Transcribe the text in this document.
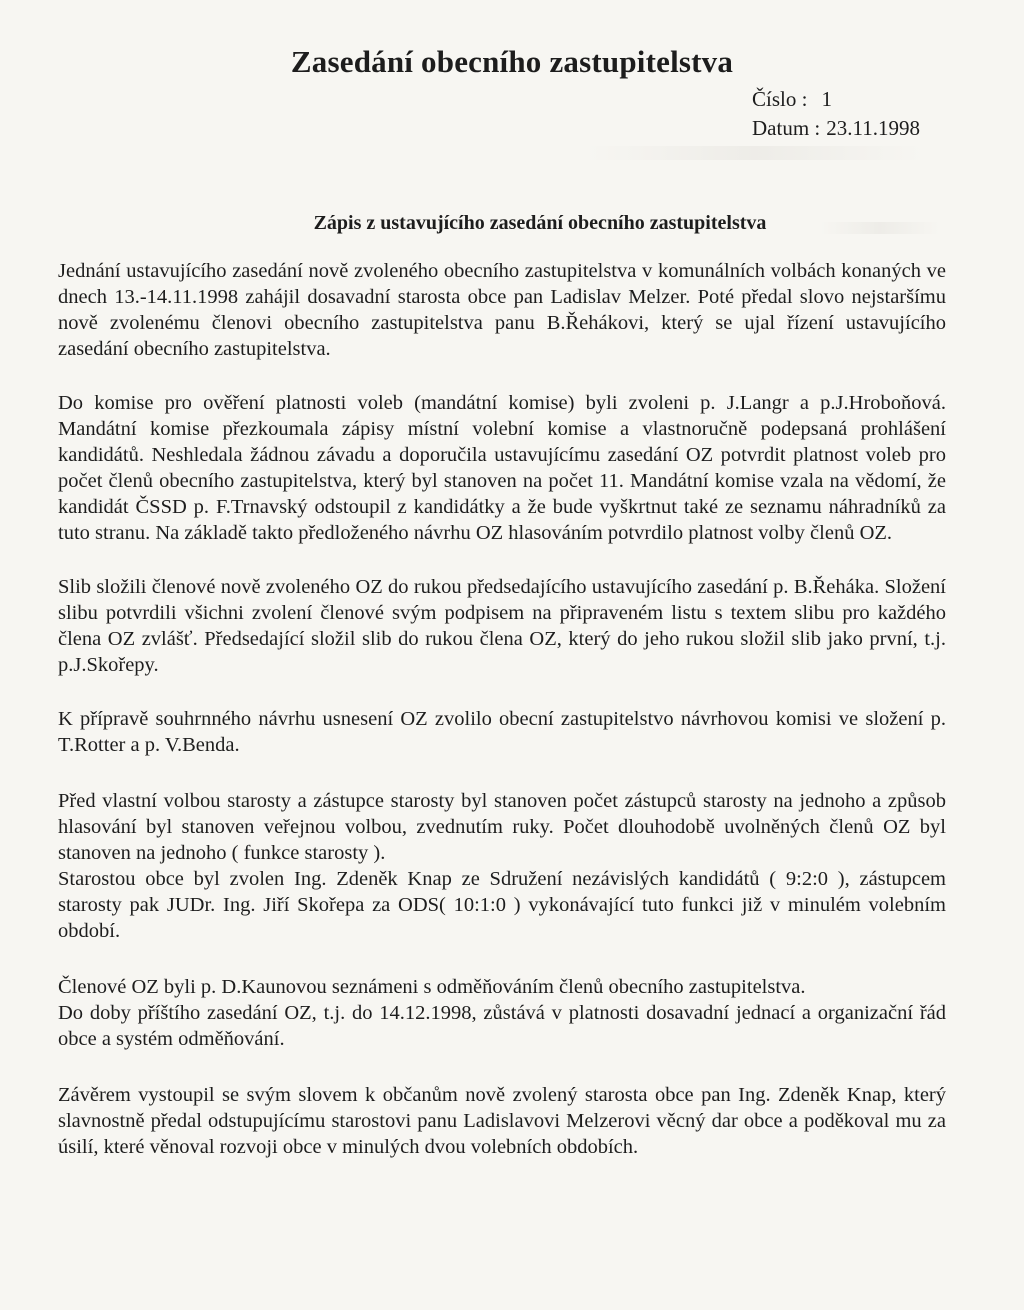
Zasedání obecního zastupitelstva
Číslo : 1
Datum : 23.11.1998
Zápis z ustavujícího zasedání obecního zastupitelstva

Jednání ustavujícího zasedání nově zvoleného obecního zastupitelstva v komunálních volbách konaných ve dnech 13.-14.11.1998 zahájil dosavadní starosta obce pan Ladislav Melzer. Poté předal slovo nejstaršímu nově zvolenému členovi obecního zastupitelstva panu B.Řehákovi, který se ujal řízení ustavujícího zasedání obecního zastupitelstva.

Do komise pro ověření platnosti voleb (mandátní komise) byli zvoleni p. J.Langr a p.J.Hroboňová. Mandátní komise přezkoumala zápisy místní volební komise a vlastnoručně podepsaná prohlášení kandidátů. Neshledala žádnou závadu a doporučila ustavujícímu zasedání OZ potvrdit platnost voleb pro počet členů obecního zastupitelstva, který byl stanoven na počet 11. Mandátní komise vzala na vědomí, že kandidát ČSSD p. F.Trnavský odstoupil z kandidátky a že bude vyškrtnut také ze seznamu náhradníků za tuto stranu. Na základě takto předloženého návrhu OZ hlasováním potvrdilo platnost volby členů OZ.

Slib složili členové nově zvoleného OZ do rukou předsedajícího ustavujícího zasedání p. B.Řeháka. Složení slibu potvrdili všichni zvolení členové svým podpisem na připraveném listu s textem slibu pro každého člena OZ zvlášť. Předsedající složil slib do rukou člena OZ, který do jeho rukou složil slib jako první, t.j. p.J.Skořepy.

K přípravě souhrnného návrhu usnesení OZ zvolilo obecní zastupitelstvo návrhovou komisi ve složení p. T.Rotter a p. V.Benda.

Před vlastní volbou starosty a zástupce starosty byl stanoven počet zástupců starosty na jednoho a způsob hlasování byl stanoven veřejnou volbou, zvednutím ruky. Počet dlouhodobě uvolněných členů OZ byl stanoven na jednoho ( funkce starosty ).

Starostou obce byl zvolen Ing. Zdeněk Knap ze Sdružení nezávislých kandidátů ( 9:2:0 ), zástupcem starosty pak JUDr. Ing. Jiří Skořepa za ODS( 10:1:0 ) vykonávající tuto funkci již v minulém volebním období.

Členové OZ byli p. D.Kaunovou seznámeni s odměňováním členů obecního zastupitelstva.

Do doby příštího zasedání OZ, t.j. do 14.12.1998, zůstává v platnosti dosavadní jednací a organizační řád obce a systém odměňování.

Závěrem vystoupil se svým slovem k občanům nově zvolený starosta obce pan Ing. Zdeněk Knap, který slavnostně předal odstupujícímu starostovi panu Ladislavovi Melzerovi věcný dar obce a poděkoval mu za úsilí, které věnoval rozvoji obce v minulých dvou volebních obdobích.
